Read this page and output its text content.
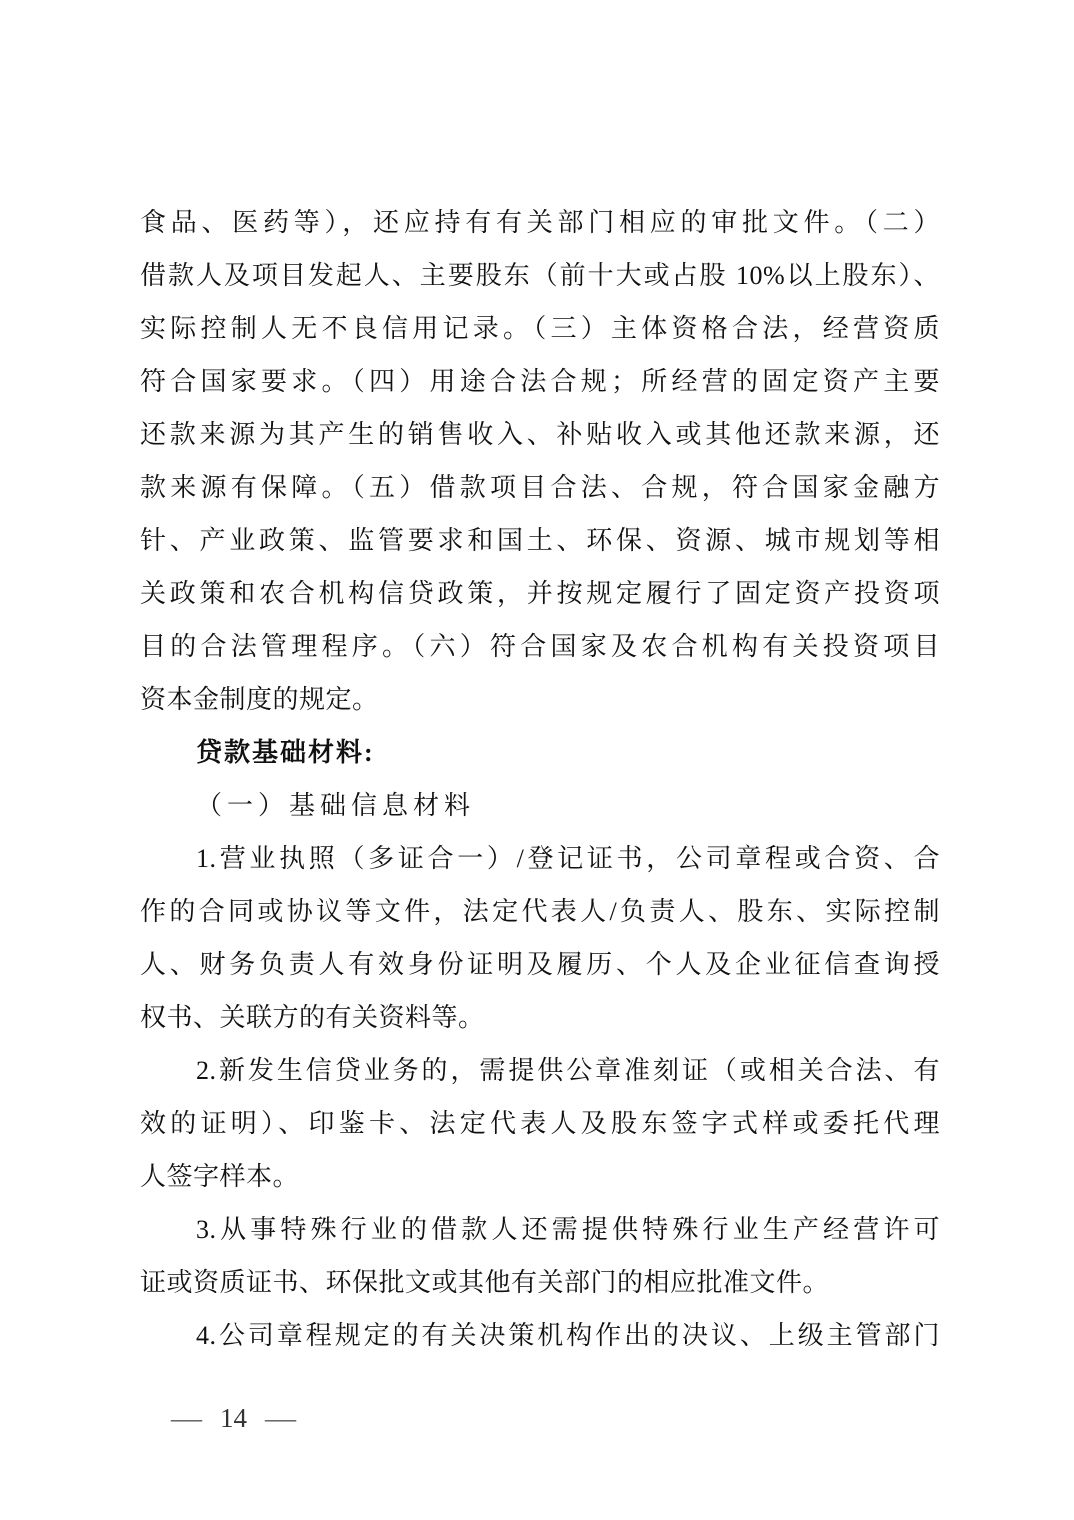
食品、医药等），还应持有有关部门相应的审批文件。（二）
借款人及项目发起人、主要股东（前十大或占股 10%以上股东）、
实际控制人无不良信用记录。（三）主体资格合法，经营资质
符合国家要求。（四）用途合法合规；所经营的固定资产主要
还款来源为其产生的销售收入、补贴收入或其他还款来源，还
款来源有保障。（五）借款项目合法、合规，符合国家金融方
针、产业政策、监管要求和国土、环保、资源、城市规划等相
关政策和农合机构信贷政策，并按规定履行了固定资产投资项
目的合法管理程序。（六）符合国家及农合机构有关投资项目
资本金制度的规定。
贷款基础材料:
（一）基础信息材料
1.营业执照（多证合一）/登记证书，公司章程或合资、合
作的合同或协议等文件，法定代表人/负责人、股东、实际控制
人、财务负责人有效身份证明及履历、个人及企业征信查询授
权书、关联方的有关资料等。
2.新发生信贷业务的，需提供公章准刻证（或相关合法、有
效的证明）、印鉴卡、法定代表人及股东签字式样或委托代理
人签字样本。
3.从事特殊行业的借款人还需提供特殊行业生产经营许可
证或资质证书、环保批文或其他有关部门的相应批准文件。
4.公司章程规定的有关决策机构作出的决议、上级主管部门
— 14 —
